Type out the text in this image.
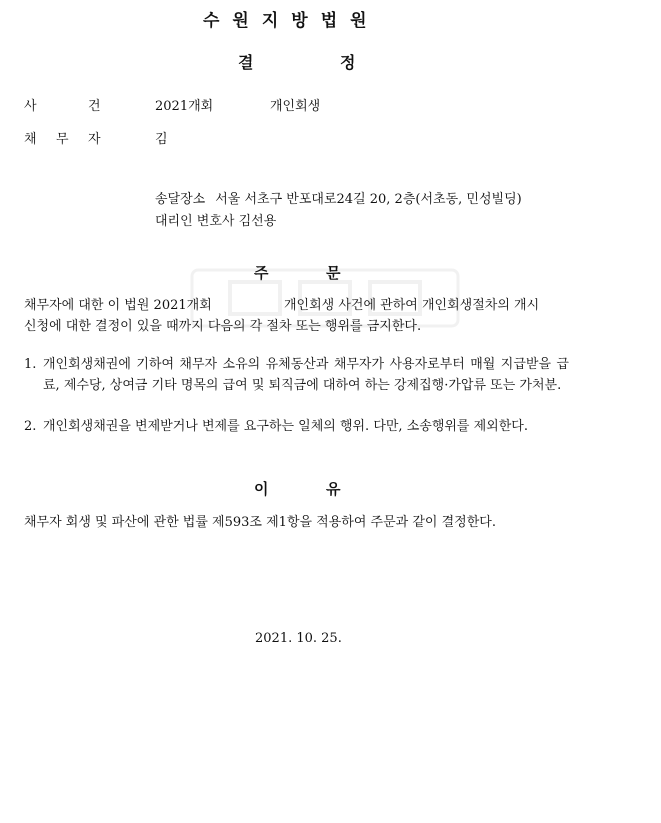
수원지방법원
결	정
사	건	2021개회	개인회생
채 무 자	김
송달장소 서울 서초구 반포대로24길 20, 2층(서초동, 민성빌딩)
대리인 변호사 김선용
주	문
채무자에 대한 이 법원 2021개회	개인회생 사건에 관하여 개인회생절차의 개시
신청에 대한 결정이 있을 때까지 다음의 각 절차 또는 행위를 금지한다.
1. 개인회생채권에 기하여 채무자 소유의 유체동산과 채무자가 사용자로부터 매월 지급받을 급료, 제수당, 상여금 기타 명목의 급여 및 퇴직금에 대하여 하는 강제집행·가압류 또는 가처분.
2. 개인회생채권을 변제받거나 변제를 요구하는 일체의 행위. 다만, 소송행위를 제외한다.
이	유
채무자 회생 및 파산에 관한 법률 제593조 제1항을 적용하여 주문과 같이 결정한다.
2021. 10. 25.
